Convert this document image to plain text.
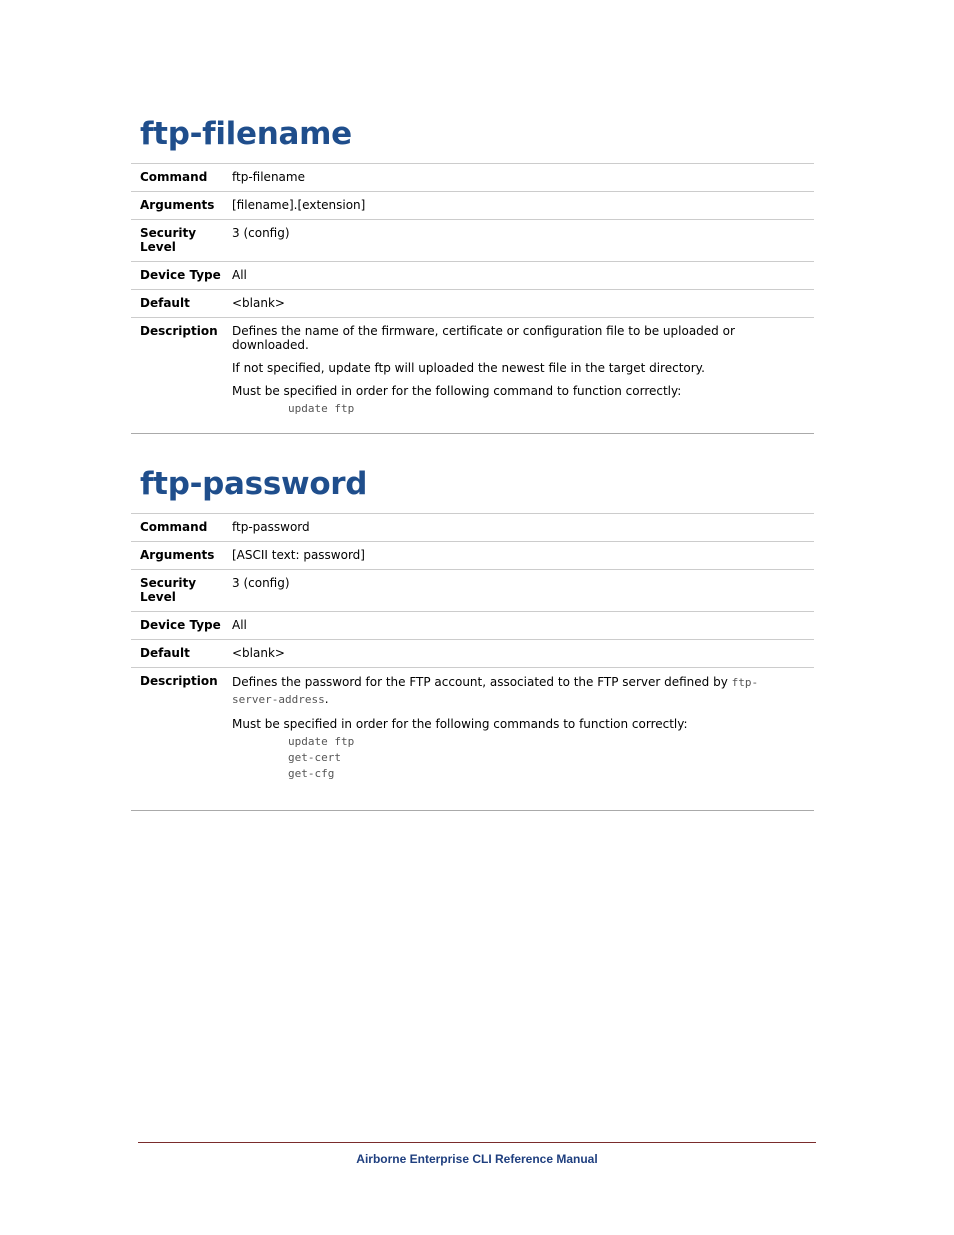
ftp-filename
Command	ftp-filename
Arguments	[filename].[extension]
Security Level	3 (config)
Device Type	All
Default	<blank>
Description	Defines the name of the firmware, certificate or configuration file to be uploaded or downloaded.
If not specified, update ftp will uploaded the newest file in the target directory.
Must be specified in order for the following command to function correctly:
update ftp
ftp-password
Command	ftp-password
Arguments	[ASCII text: password]
Security Level	3 (config)
Device Type	All
Default	<blank>
Description	Defines the password for the FTP account, associated to the FTP server defined by ftp-server-address.
Must be specified in order for the following commands to function correctly:
update ftp
get-cert
get-cfg
Airborne Enterprise CLI Reference Manual
